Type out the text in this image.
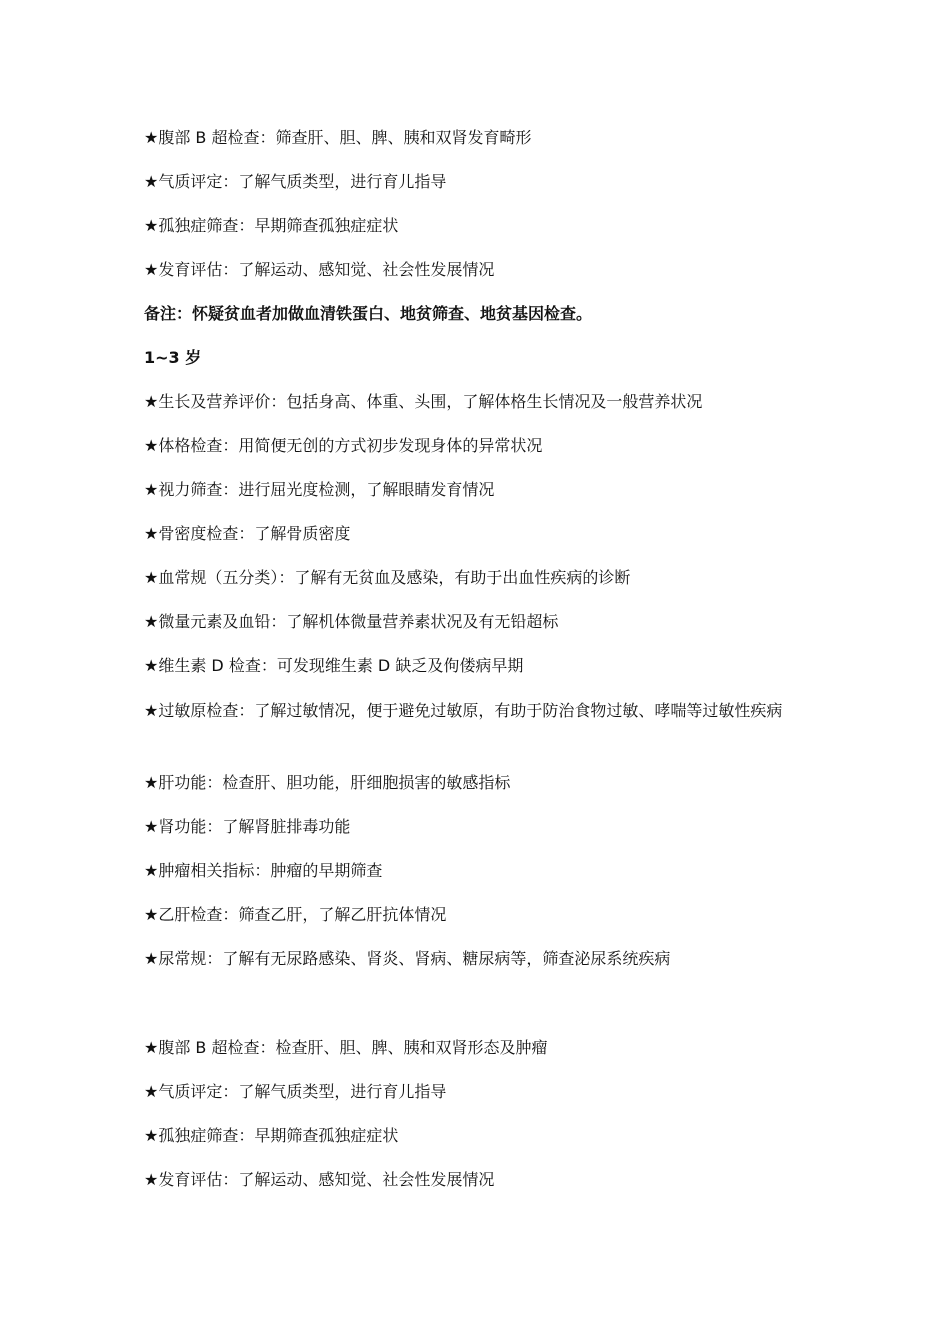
★腹部 B 超检查：筛查肝、胆、脾、胰和双肾发育畸形
★气质评定：了解气质类型，进行育儿指导
★孤独症筛查：早期筛查孤独症症状
★发育评估：了解运动、感知觉、社会性发展情况
备注：怀疑贫血者加做血清铁蛋白、地贫筛查、地贫基因检查。
1~3 岁
★生长及营养评价：包括身高、体重、头围，了解体格生长情况及一般营养状况
★体格检查：用简便无创的方式初步发现身体的异常状况
★视力筛查：进行屈光度检测，了解眼睛发育情况
★骨密度检查：了解骨质密度
★血常规（五分类）：了解有无贫血及感染，有助于出血性疾病的诊断
★微量元素及血铅：了解机体微量营养素状况及有无铅超标
★维生素 D 检查：可发现维生素 D 缺乏及佝偻病早期
★过敏原检查：了解过敏情况，便于避免过敏原，有助于防治食物过敏、哮喘等过敏性疾病
★肝功能：检查肝、胆功能，肝细胞损害的敏感指标
★肾功能：了解肾脏排毒功能
★肿瘤相关指标：肿瘤的早期筛查
★乙肝检查：筛查乙肝，了解乙肝抗体情况
★尿常规：了解有无尿路感染、肾炎、肾病、糖尿病等，筛查泌尿系统疾病
★腹部 B 超检查：检查肝、胆、脾、胰和双肾形态及肿瘤
★气质评定：了解气质类型，进行育儿指导
★孤独症筛查：早期筛查孤独症症状
★发育评估：了解运动、感知觉、社会性发展情况
